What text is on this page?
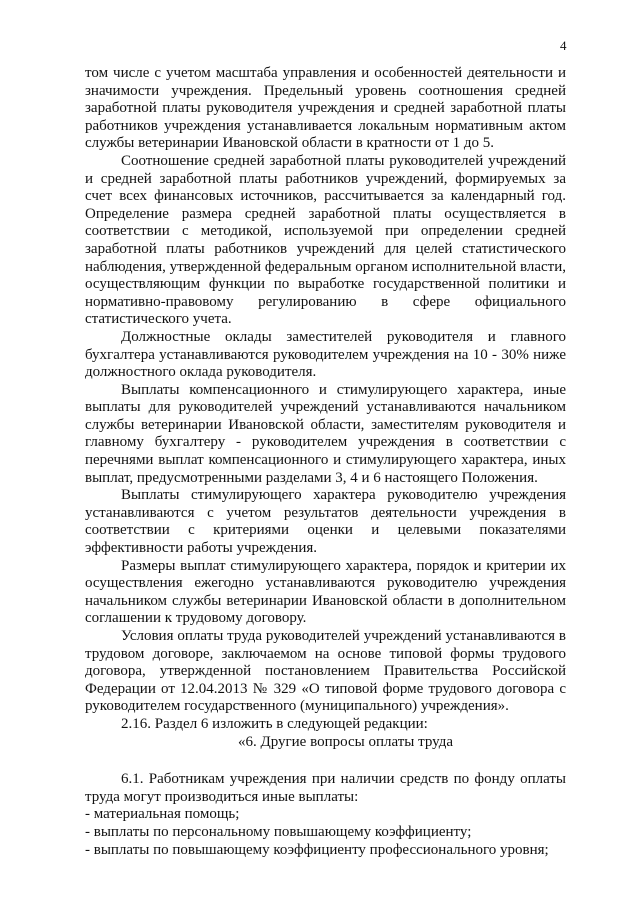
4

том числе с учетом масштаба управления и особенностей деятельности и значимости учреждения. Предельный уровень соотношения средней заработной платы руководителя учреждения и средней заработной платы работников учреждения устанавливается локальным нормативным актом службы ветеринарии Ивановской области в кратности от 1 до 5.

Соотношение средней заработной платы руководителей учреждений и средней заработной платы работников учреждений, формируемых за счет всех финансовых источников, рассчитывается за календарный год. Определение размера средней заработной платы осуществляется в соответствии с методикой, используемой при определении средней заработной платы работников учреждений для целей статистического наблюдения, утвержденной федеральным органом исполнительной власти, осуществляющим функции по выработке государственной политики и нормативно-правовому регулированию в сфере официального статистического учета.

Должностные оклады заместителей руководителя и главного бухгалтера устанавливаются руководителем учреждения на 10 - 30% ниже должностного оклада руководителя.

Выплаты компенсационного и стимулирующего характера, иные выплаты для руководителей учреждений устанавливаются начальником службы ветеринарии Ивановской области, заместителям руководителя и главному бухгалтеру - руководителем учреждения в соответствии с перечнями выплат компенсационного и стимулирующего характера, иных выплат, предусмотренными разделами 3, 4 и 6 настоящего Положения.

Выплаты стимулирующего характера руководителю учреждения устанавливаются с учетом результатов деятельности учреждения в соответствии с критериями оценки и целевыми показателями эффективности работы учреждения.

Размеры выплат стимулирующего характера, порядок и критерии их осуществления ежегодно устанавливаются руководителю учреждения начальником службы ветеринарии Ивановской области в дополнительном соглашении к трудовому договору.

Условия оплаты труда руководителей учреждений устанавливаются в трудовом договоре, заключаемом на основе типовой формы трудового договора, утвержденной постановлением Правительства Российской Федерации от 12.04.2013 № 329 «О типовой форме трудового договора с руководителем государственного (муниципального) учреждения».

2.16. Раздел 6 изложить в следующей редакции:

«6. Другие вопросы оплаты труда

6.1. Работникам учреждения при наличии средств по фонду оплаты труда могут производиться иные выплаты:

- материальная помощь;

- выплаты по персональному повышающему коэффициенту;

- выплаты по повышающему коэффициенту профессионального уровня;
